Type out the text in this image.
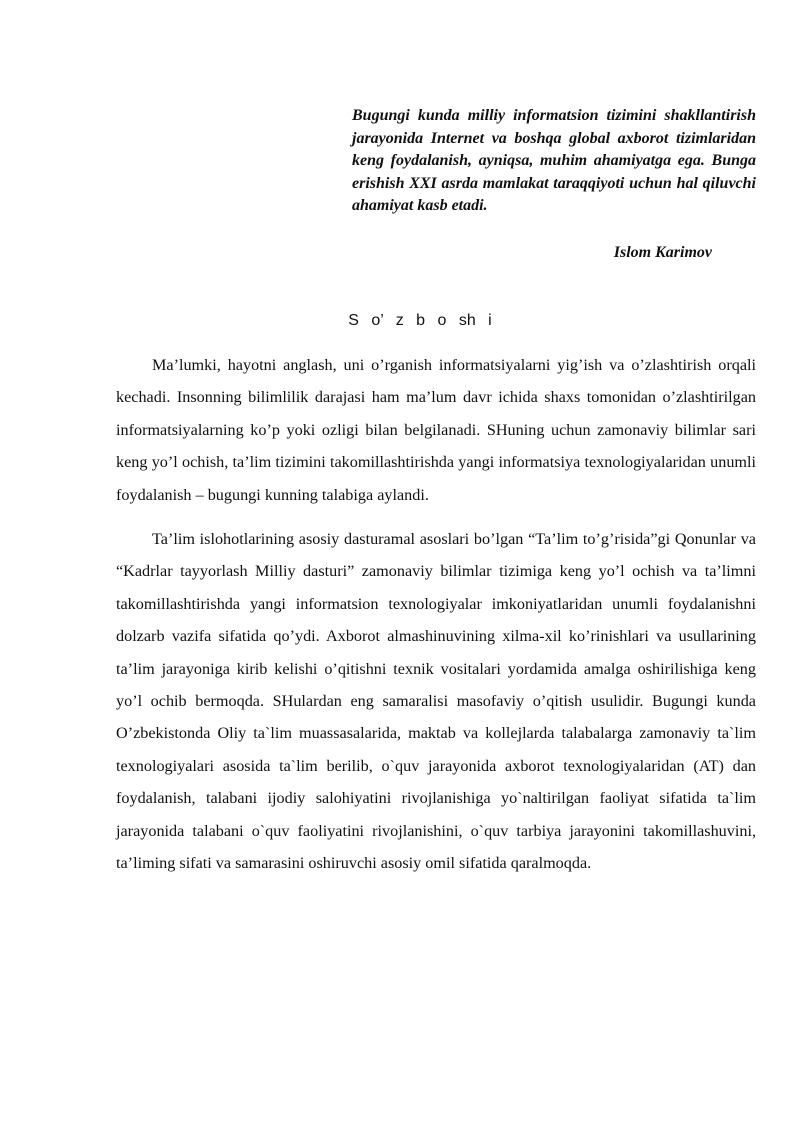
Bugungi kunda milliy informatsion tizimini shakllantirish jarayonida Internet va boshqa global axborot tizimlaridan keng foydalanish, ayniqsa, muhim ahamiyatga ega. Bunga erishish XXI asrda mamlakat taraqqiyoti uchun hal qiluvchi ahamiyat kasb etadi.
Islom Karimov
S o’ z b o sh i

Ma’lumki, hayotni anglash, uni o’rganish informatsiyalarni yig’ish va o’zlashtirish orqali kechadi. Insonning bilimlilik darajasi ham ma’lum davr ichida shaxs tomonidan o’zlashtirilgan informatsiyalarning ko’p yoki ozligi bilan belgilanadi. SHuning uchun zamonaviy bilimlar sari keng yo’l ochish, ta’lim tizimini takomillashtirishda yangi informatsiya texnologiyalaridan unumli foydalanish – bugungi kunning talabiga aylandi.

Ta’lim islohotlarining asosiy dasturamal asoslari bo’lgan “Ta’lim to’g’risida”gi Qonunlar va “Kadrlar tayyorlash Milliy dasturi” zamonaviy bilimlar tizimiga keng yo’l ochish va ta’limni takomillashtirishda yangi informatsion texnologiyalar imkoniyatlaridan unumli foydalanishni dolzarb vazifa sifatida qo’ydi. Axborot almashinuvining xilma-xil ko’rinishlari va usullarining ta’lim jarayoniga kirib kelishi o’qitishni texnik vositalari yordamida amalga oshirilishiga keng yo’l ochib bermoqda. SHulardan eng samaralisi masofaviy o’qitish usulidir. Bugungi kunda O’zbekistonda Oliy ta`lim muassasalarida, maktab va kollejlarda talabalarga zamonaviy ta`lim texnologiyalari asosida ta`lim berilib, o`quv jarayonida axborot texnologiyalaridan (AT) dan foydalanish, talabani ijodiy salohiyatini rivojlanishiga yo`naltirilgan faoliyat sifatida ta`lim jarayonida talabani o`quv faoliyatini rivojlanishini, o`quv tarbiya jarayonini takomillashuvini, ta’liming sifati va samarasini oshiruvchi asosiy omil sifatida qaralmoqda.
